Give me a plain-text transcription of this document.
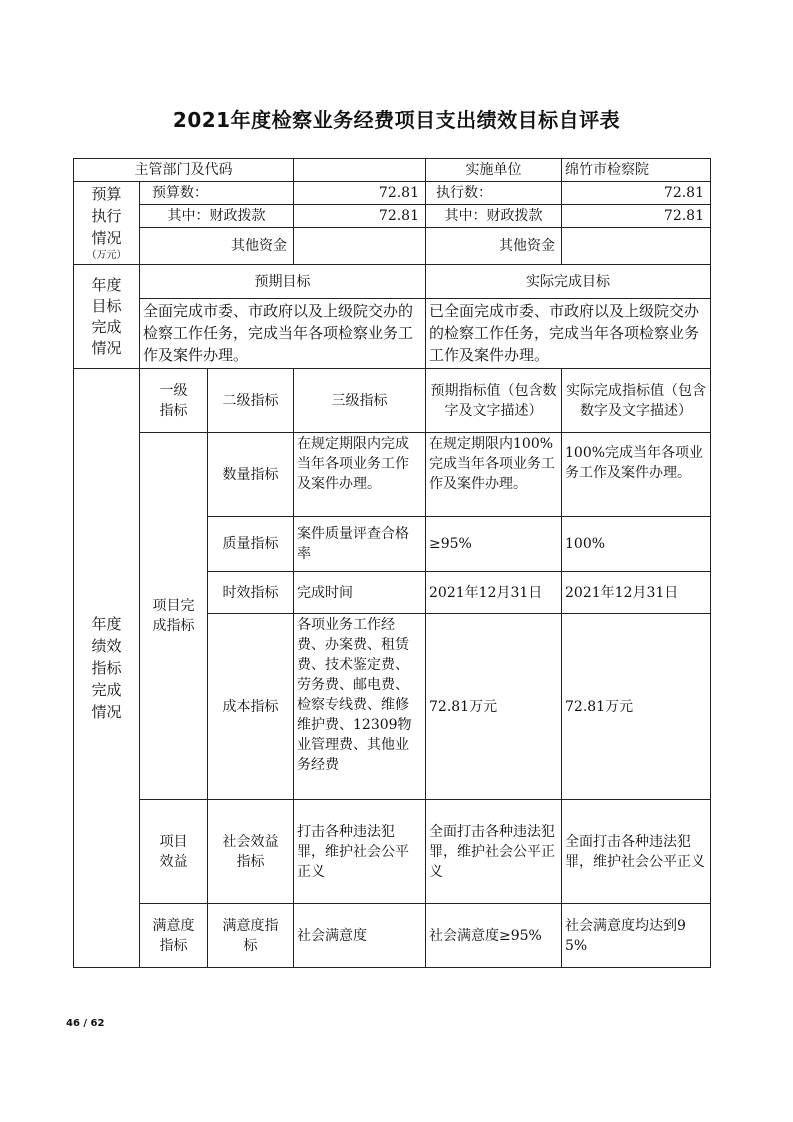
2021年度检察业务经费项目支出绩效目标自评表
主管部门及代码				实施单位	绵竹市检察院

预算执行情况
（万元）	预算数：		72.81	执行数：	72.81
	其中：财政拨款		72.81	其中：财政拨款	72.81
	其他资金			其他资金	

年度目标完成情况	预期目标			实际完成目标	
	全面完成市委、市政府以及上级院交办的检察工作任务，完成当年各项检察业务工作及案件办理。			已全面完成市委、市政府以及上级院交办的检察工作任务，完成当年各项检察业务工作及案件办理。	

年度绩效指标完成情况	一级指标	二级指标	三级指标	预期指标值（包含数字及文字描述）	实际完成指标值（包含数字及文字描述）

	项目完成指标	数量指标	在规定期限内完成当年各项业务工作及案件办理。	在规定期限内100%完成当年各项业务工作及案件办理。	100%完成当年各项业务工作及案件办理。
		质量指标	案件质量评查合格率	≥95%	100%
		时效指标	完成时间	2021年12月31日	2021年12月31日
		成本指标	各项业务工作经费、办案费、租赁费、技术鉴定费、劳务费、邮电费、检察专线费、维修维护费、12309物业管理费、其他业务经费	72.81万元	72.81万元

	项目效益	社会效益指标	打击各种违法犯罪，维护社会公平正义	全面打击各种违法犯罪，维护社会公平正义	全面打击各种违法犯罪，维护社会公平正义

	满意度指标	满意度指标	社会满意度	社会满意度≥95%	社会满意度均达到95%
46 / 62
